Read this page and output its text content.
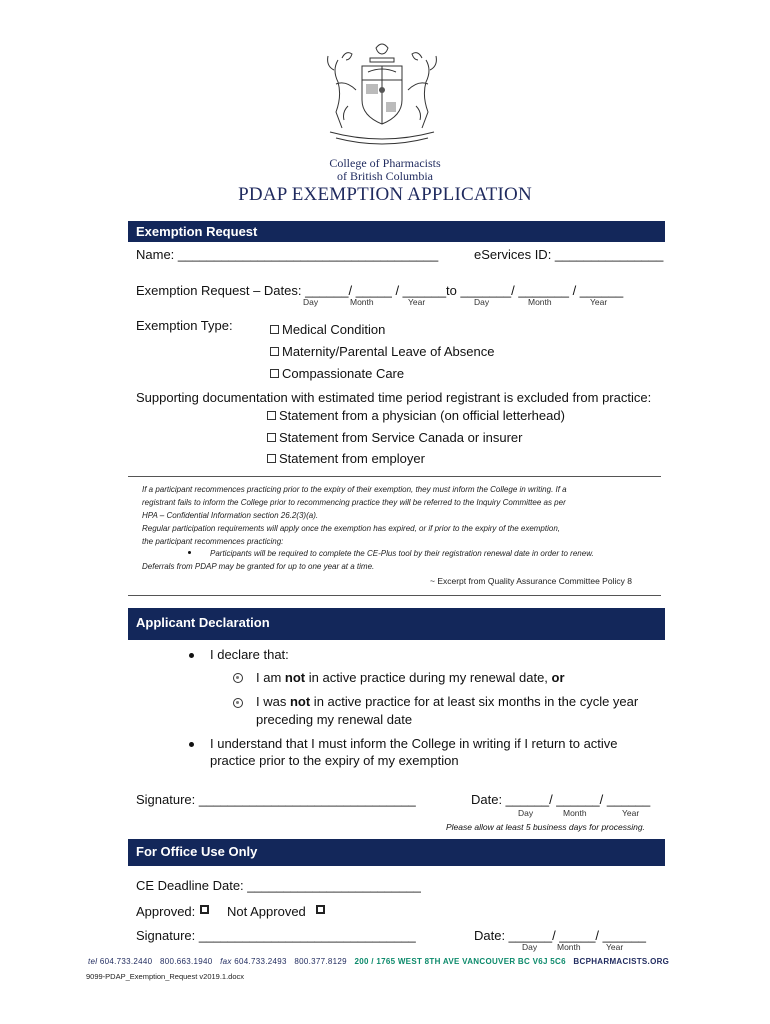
College of Pharmacists
of British Columbia
PDAP EXEMPTION APPLICATION
Exemption Request
Name: ____________________________________	eServices ID: _______________
Exemption Request – Dates: ______/ _____ / ______to _______/ _______ / ______
Day	Month	Year	Day	Month	Year
Exemption Type:	Medical Condition
Maternity/Parental Leave of Absence
Compassionate Care
Supporting documentation with estimated time period registrant is excluded from practice:
Statement from a physician (on official letterhead)
Statement from Service Canada or insurer
Statement from employer
If a participant recommences practicing prior to the expiry of their exemption, they must inform the College in writing. If a
registrant fails to inform the College prior to recommencing practice they will be referred to the Inquiry Committee as per
HPA – Confidential Information section 26.2(3)(a).
Regular participation requirements will apply once the exemption has expired, or if prior to the expiry of the exemption,
the participant recommences practicing:
Participants will be required to complete the CE-Plus tool by their registration renewal date in order to renew.
Deferrals from PDAP may be granted for up to one year at a time.
~ Excerpt from Quality Assurance Committee Policy 8
Applicant Declaration
I declare that:
I am not in active practice during my renewal date, or
I was not in active practice for at least six months in the cycle year
preceding my renewal date
I understand that I must inform the College in writing if I return to active
practice prior to the expiry of my exemption
Signature: ______________________________	Date: ______/ ______/ ______
Day	Month	Year
Please allow at least 5 business days for processing.
For Office Use Only
CE Deadline Date: ________________________
Approved: Not Approved
Signature: ______________________________	Date: ______/ _____/ ______
Day Month	Year
tel 604.733.2440 800.663.1940 fax 604.733.2493 800.377.8129 200 / 1765 WEST 8TH AVE VANCOUVER BC V6J 5C6 BCPHARMACISTS.ORG
9099-PDAP_Exemption_Request v2019.1.docx
